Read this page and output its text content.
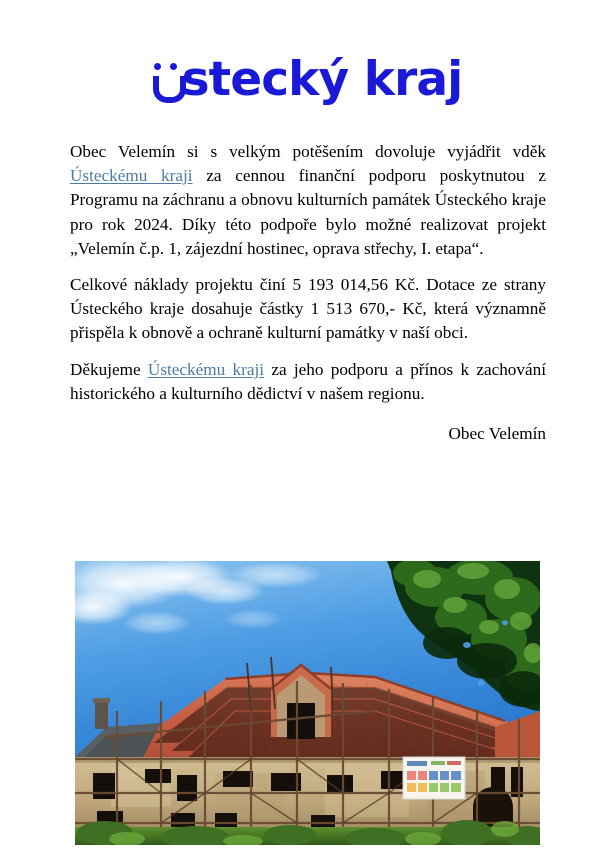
stecký kraj

Obec Velemín si s velkým potěšením dovoluje vyjádřit vděk Ústeckému kraji za cennou finanční podporu poskytnutou z Programu na záchranu a obnovu kulturních památek Ústeckého kraje pro rok 2024. Díky této podpoře bylo možné realizovat projekt „Velemín č.p. 1, zájezdní hostinec, oprava střechy, I. etapa“.

Celkové náklady projektu činí 5 193 014,56 Kč. Dotace ze strany Ústeckého kraje dosahuje částky 1 513 670,- Kč, která významně přispěla k obnově a ochraně kulturní památky v naší obci.

Děkujeme Ústeckému kraji za jeho podporu a přínos k zachování historického a kulturního dědictví v našem regionu.

Obec Velemín
